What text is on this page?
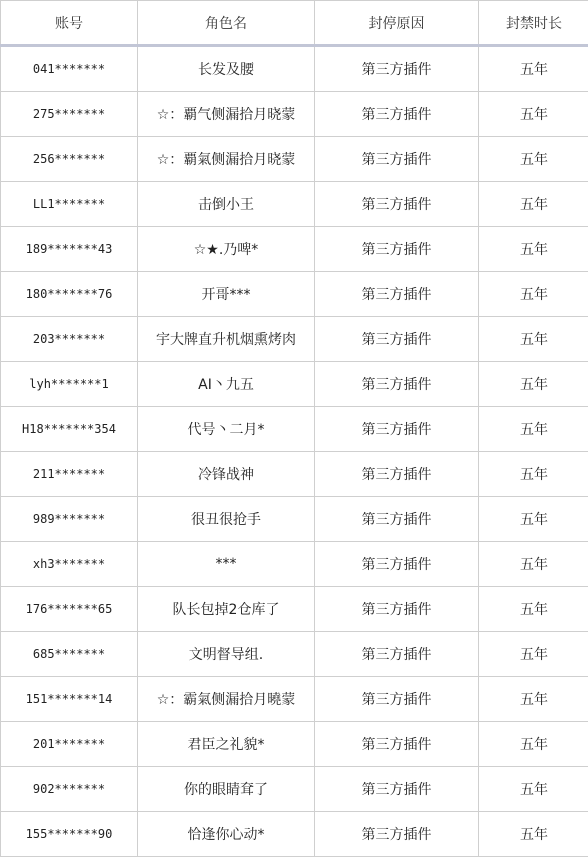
账号	角色名	封停原因	封禁时长
041*******	长发及腰	第三方插件	五年
275*******	☆：覇气侧漏拾月晓蒙	第三方插件	五年
256*******	☆：覇氣侧漏拾月晓蒙	第三方插件	五年
LL1*******	击倒小王	第三方插件	五年
189*******43	☆★.乃啤*	第三方插件	五年
180*******76	开哥***	第三方插件	五年
203*******	宇大牌直升机烟熏烤肉	第三方插件	五年
lyh*******1	AI丶九五	第三方插件	五年
H18*******354	代号丶二月*	第三方插件	五年
211*******	冷锋战神	第三方插件	五年
989*******	很丑很抢手	第三方插件	五年
xh3*******	***	第三方插件	五年
176*******65	队长包掉2仓库了	第三方插件	五年
685*******	文明督导组.	第三方插件	五年
151*******14	☆：霸氣侧漏拾月曉蒙	第三方插件	五年
201*******	君臣之礼貌*	第三方插件	五年
902*******	你的眼睛耷了	第三方插件	五年
155*******90	恰逢你心动*	第三方插件	五年
